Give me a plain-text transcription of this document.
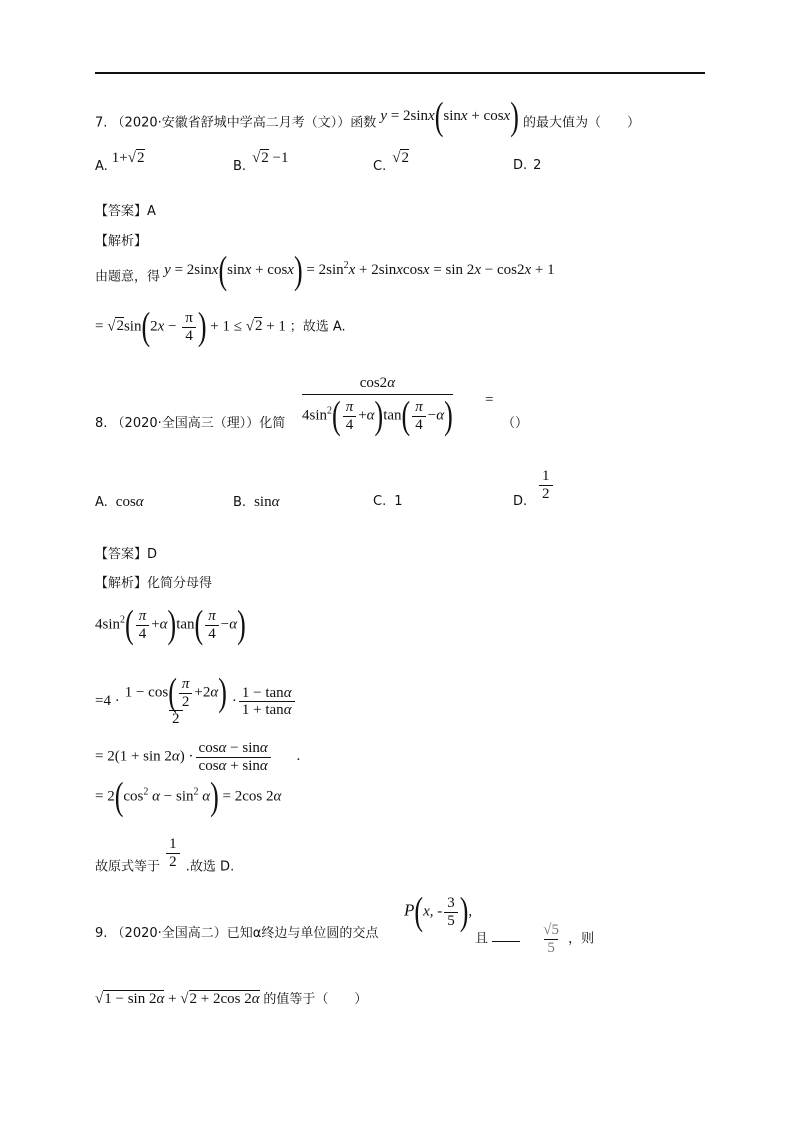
7. （2020·安徽省舒城中学高二月考（文））函数 y = 2sinx(sinx + cosx) 的最大值为（　　）
A.1+√2
B.√2 −1
C.√2	D. 2
【答案】A
【解析】
由题意，得 $y = 2\sin x(\sin x + \cos x) = 2\sin^2x$ + 2sinxcosx = sin 2x − cos2x + 1
= $√2\sin(2x - \frac{\pi}{4}$ ) + 1 ≤ √2 + 1 ；故选 A.
8. （2020·全国高三（理））化简
cos2α
$4\sin^2( \frac{\pi}{4} +\alpha)\tan( \frac{\pi}{4} -\alpha)$ =
（）
A. cosα	B. sinα	C. 1	D. $\frac{1}{2}$
【答案】D
【解析】化简分母得
$4\sin^2( \frac{\pi}{4} +\alpha)\tan( \frac{\pi}{4} -\alpha)$
$=4 \cdot \frac{1 - \cos( \frac{\pi}{2} +2\alpha)}{2} \cdot \frac{1 - \tan\alpha}{1 + \tan\alpha}$
= $2(1 + \sin 2\alpha) \cdot \frac{\cos\alpha - \sin\alpha}{\cos\alpha + \sin\alpha}$ .
= $2(\cos^2$ $\alpha - \sin^2 \alpha) = 2\cos$ 2α
故原式等于 $\frac{1}{2}$ .故选 D.
9. （2020·全国高二）已知α终边与单位圆的交点
P(x, - $\frac{3}{5}$ ),
且	$\frac{√5}{5}$ ，则
√1 − sin 2α + √2 + 2cos 2α 的值等于（　　）
